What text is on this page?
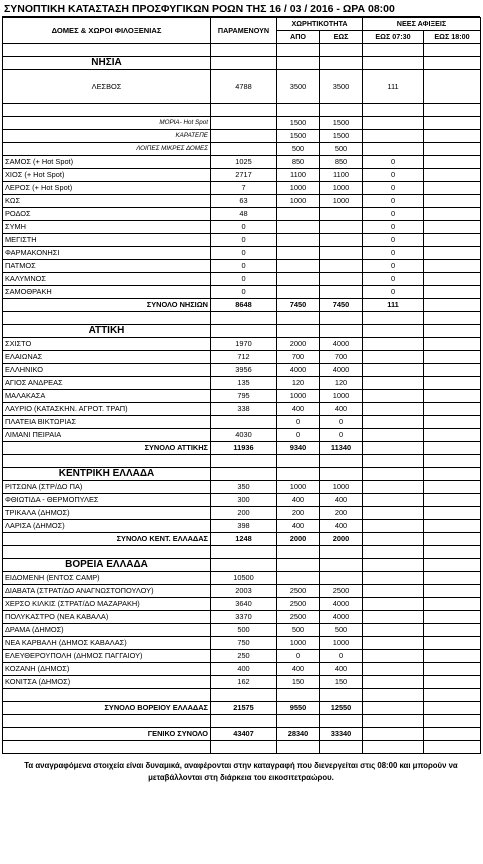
ΣΥΝΟΠΤΙΚΗ ΚΑΤΑΣΤΑΣΗ ΠΡΟΣΦΥΓΙΚΩΝ ΡΟΩΝ ΤΗΣ 16 / 03 / 2016 - ΩΡΑ 08:00
ΔΟΜΕΣ & ΧΩΡΟΙ ΦΙΛΟΞΕΝΙΑΣ	ΠΑΡΑΜΕΝΟΥΝ	ΧΩΡΗΤΙΚΟΤΗΤΑ		ΝΕΕΣ ΑΦΙΞΕΙΣ	
		ΑΠΟ	ΕΩΣ	ΕΩΣ 07:30	ΕΩΣ 18:00

ΝΗΣΙΑ					
ΛΕΣΒΟΣ	4788	3500	3500	111	

ΜΟΡΙΑ- Hot Spot		1500	1500		
ΚΑΡΑΤΕΠΕ		1500	1500		
ΛΟΙΠΕΣ ΜΙΚΡΕΣ ΔΟΜΕΣ		500	500		
ΣΑΜΟΣ (+ Hot Spot)	1025	850	850	0	
ΧΙΟΣ (+ Hot Spot)	2717	1100	1100	0	
ΛΕΡΟΣ (+ Hot Spot)	7	1000	1000	0	
ΚΩΣ	63	1000	1000	0	
ΡΟΔΟΣ	48			0	
ΣΥΜΗ	0			0	
ΜΕΓΙΣΤΗ	0			0	
ΦΑΡΜΑΚΟΝΗΣΙ	0			0	
ΠΑΤΜΟΣ	0			0	
ΚΑΛΥΜΝΟΣ	0			0	
ΣΑΜΟΘΡΑΚΗ	0			0	
ΣΥΝΟΛΟ ΝΗΣΙΩΝ	8648	7450	7450	111	

ΑΤΤΙΚΗ					
ΣΧΙΣΤΟ	1970	2000	4000		
ΕΛΑΙΩΝΑΣ	712	700	700		
ΕΛΛΗΝΙΚΟ	3956	4000	4000		
ΑΓΙΟΣ ΑΝΔΡΕΑΣ	135	120	120		
ΜΑΛΑΚΑΣΑ	795	1000	1000		
ΛΑΥΡΙΟ (ΚΑΤΑΣΚΗΝ. ΑΓΡΟΤ. ΤΡΑΠ)	338	400	400		
ΠΛΑΤΕΙΑ ΒΙΚΤΩΡΙΑΣ		0	0		
ΛΙΜΑΝΙ ΠΕΙΡΑΙΑ	4030	0	0		
ΣΥΝΟΛΟ ΑΤΤΙΚΗΣ	11936	9340	11340		

ΚΕΝΤΡΙΚΗ ΕΛΛΑΔΑ					
ΡΙΤΣΩΝΑ (ΣΤΡ/ΔΟ ΠΑ)	350	1000	1000		
ΦΘΙΩΤΙΔΑ - ΘΕΡΜΟΠΥΛΕΣ	300	400	400		
ΤΡΙΚΑΛΑ (ΔΗΜΟΣ)	200	200	200		
ΛΑΡΙΣΑ (ΔΗΜΟΣ)	398	400	400		
ΣΥΝΟΛΟ ΚΕΝΤ. ΕΛΛΑΔΑΣ	1248	2000	2000		

ΒΟΡΕΙΑ ΕΛΛΑΔΑ					
ΕΙΔΟΜΕΝΗ (ΕΝΤΟΣ CAMP)	10500				
ΔΙΑΒΑΤΑ (ΣΤΡΑΤ/ΔΟ ΑΝΑΓΝΩΣΤΟΠΟΥΛΟΥ)	2003	2500	2500		
ΧΕΡΣΟ ΚΙΛΚΙΣ (ΣΤΡΑΤ/ΔΟ ΜΑΖΑΡΑΚΗ)	3640	2500	4000		
ΠΟΛΥΚΑΣΤΡΟ (ΝΕΑ ΚΑΒΑΛΑ)	3370	2500	4000		
ΔΡΑΜΑ (ΔΗΜΟΣ)	500	500	500		
ΝΕΑ ΚΑΡΒΑΛΗ (ΔΗΜΟΣ ΚΑΒΑΛΑΣ)	750	1000	1000		
ΕΛΕΥΘΕΡΟΥΠΟΛΗ (ΔΗΜΟΣ ΠΑΓΓΑΙΟΥ)	250	0	0		
ΚΟΖΑΝΗ (ΔΗΜΟΣ)	400	400	400		
ΚΟΝΙΤΣΑ (ΔΗΜΟΣ)	162	150	150		

ΣΥΝΟΛΟ ΒΟΡΕΙΟΥ ΕΛΛΑΔΑΣ	21575	9550	12550		

ΓΕΝΙΚΟ ΣΥΝΟΛΟ	43407	28340	33340		

Τα αναγραφόμενα στοιχεία είναι δυναμικά, αναφέρονται στην καταγραφή που διενεργείται στις 08:00 και μπορούν να μεταβάλλονται στη διάρκεια του εικοσιτετραώρου.
